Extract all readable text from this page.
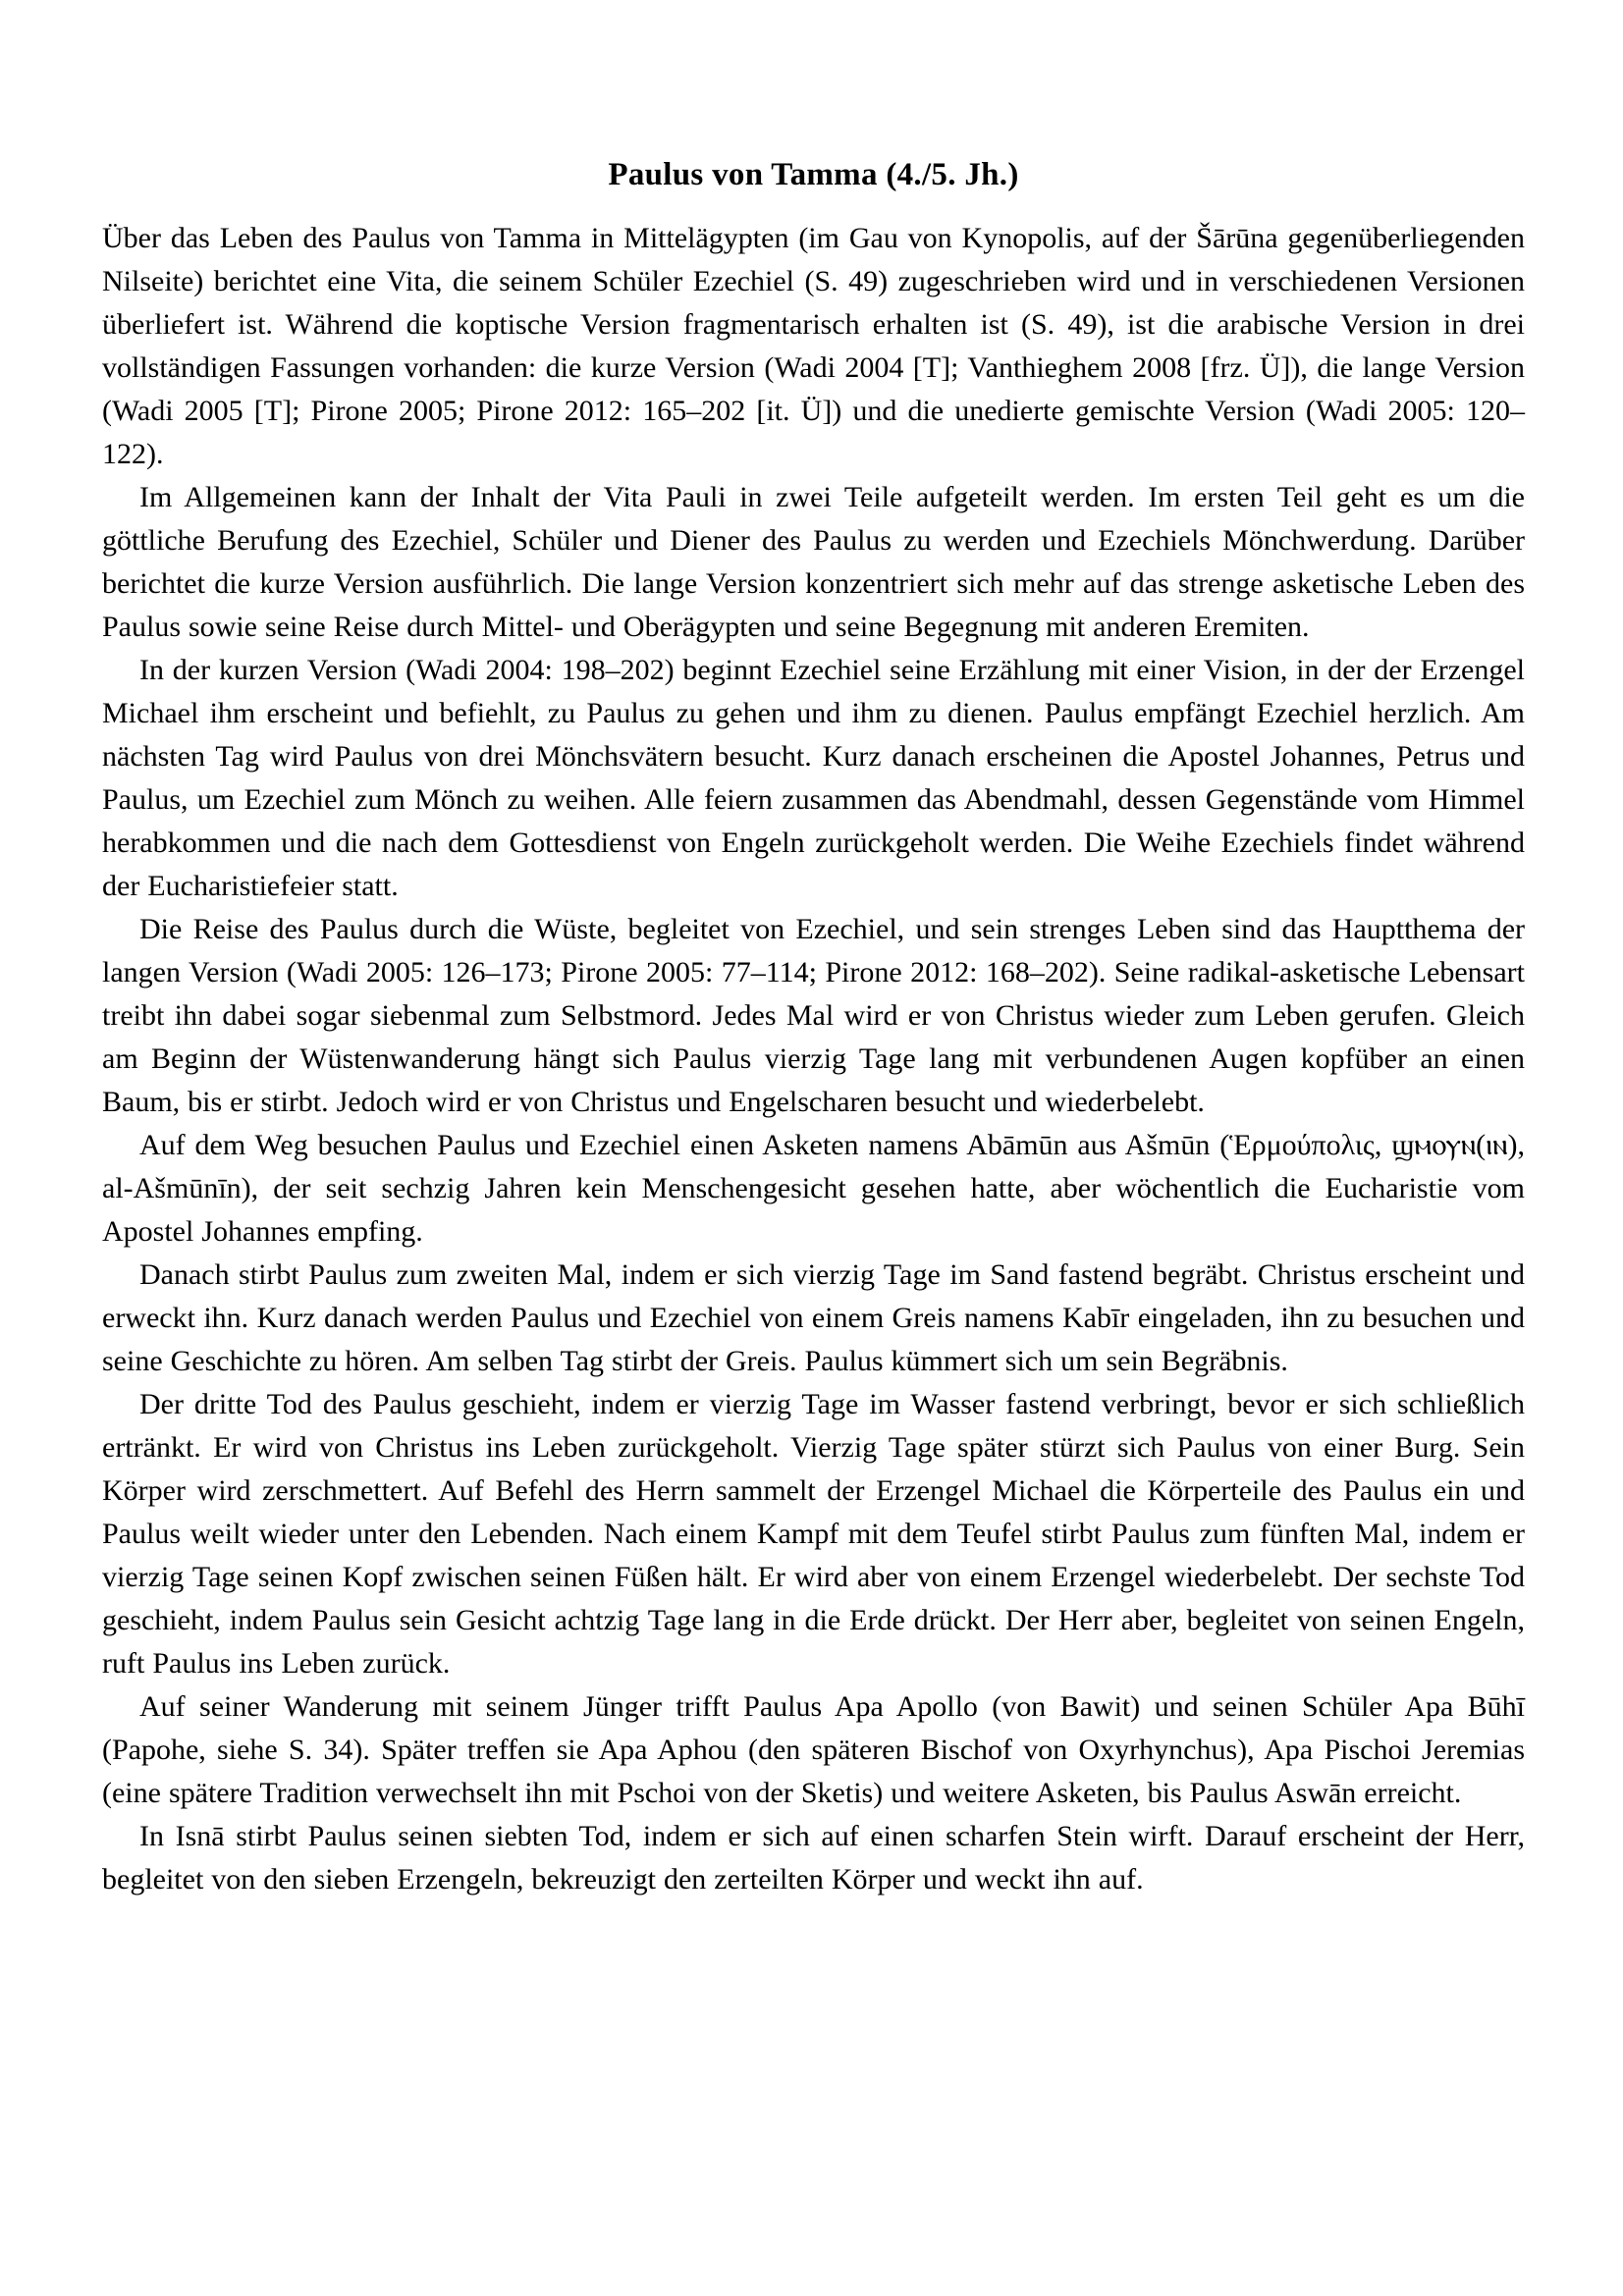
Paulus von Tamma (4./5. Jh.)

Über das Leben des Paulus von Tamma in Mittelägypten (im Gau von Kynopolis, auf der Šārūna gegenüberliegenden Nilseite) berichtet eine Vita, die seinem Schüler Ezechiel (S. 49) zugeschrieben wird und in verschiedenen Versionen überliefert ist. Während die koptische Version fragmentarisch erhalten ist (S. 49), ist die arabische Version in drei vollständigen Fassungen vorhanden: die kurze Version (Wadi 2004 [T]; Vanthieghem 2008 [frz. Ü]), die lange Version (Wadi 2005 [T]; Pirone 2005; Pirone 2012: 165–202 [it. Ü]) und die unedierte gemischte Version (Wadi 2005: 120–122).

Im Allgemeinen kann der Inhalt der Vita Pauli in zwei Teile aufgeteilt werden. Im ersten Teil geht es um die göttliche Berufung des Ezechiel, Schüler und Diener des Paulus zu werden und Ezechiels Mönchwerdung. Darüber berichtet die kurze Version ausführlich. Die lange Version konzentriert sich mehr auf das strenge asketische Leben des Paulus sowie seine Reise durch Mittel- und Oberägypten und seine Begegnung mit anderen Eremiten.

In der kurzen Version (Wadi 2004: 198–202) beginnt Ezechiel seine Erzählung mit einer Vision, in der der Erzengel Michael ihm erscheint und befiehlt, zu Paulus zu gehen und ihm zu dienen. Paulus empfängt Ezechiel herzlich. Am nächsten Tag wird Paulus von drei Mönchsvätern besucht. Kurz danach erscheinen die Apostel Johannes, Petrus und Paulus, um Ezechiel zum Mönch zu weihen. Alle feiern zusammen das Abendmahl, dessen Gegenstände vom Himmel herabkommen und die nach dem Gottesdienst von Engeln zurückgeholt werden. Die Weihe Ezechiels findet während der Eucharistiefeier statt.

Die Reise des Paulus durch die Wüste, begleitet von Ezechiel, und sein strenges Leben sind das Hauptthema der langen Version (Wadi 2005: 126–173; Pirone 2005: 77–114; Pirone 2012: 168–202). Seine radikal-asketische Lebensart treibt ihn dabei sogar siebenmal zum Selbstmord. Jedes Mal wird er von Christus wieder zum Leben gerufen. Gleich am Beginn der Wüstenwanderung hängt sich Paulus vierzig Tage lang mit verbundenen Augen kopfüber an einen Baum, bis er stirbt. Jedoch wird er von Christus und Engelscharen besucht und wiederbelebt.

Auf dem Weg besuchen Paulus und Ezechiel einen Asketen namens Abāmūn aus Ašmūn (Ἑρμούπολις, ϣⲙⲟⲩⲛ(ⲓⲛ), al-Ašmūnīn), der seit sechzig Jahren kein Menschengesicht gesehen hatte, aber wöchentlich die Eucharistie vom Apostel Johannes empfing.

Danach stirbt Paulus zum zweiten Mal, indem er sich vierzig Tage im Sand fastend begräbt. Christus erscheint und erweckt ihn. Kurz danach werden Paulus und Ezechiel von einem Greis namens Kabīr eingeladen, ihn zu besuchen und seine Geschichte zu hören. Am selben Tag stirbt der Greis. Paulus kümmert sich um sein Begräbnis.

Der dritte Tod des Paulus geschieht, indem er vierzig Tage im Wasser fastend verbringt, bevor er sich schließlich ertränkt. Er wird von Christus ins Leben zurückgeholt. Vierzig Tage später stürzt sich Paulus von einer Burg. Sein Körper wird zerschmettert. Auf Befehl des Herrn sammelt der Erzengel Michael die Körperteile des Paulus ein und Paulus weilt wieder unter den Lebenden. Nach einem Kampf mit dem Teufel stirbt Paulus zum fünften Mal, indem er vierzig Tage seinen Kopf zwischen seinen Füßen hält. Er wird aber von einem Erzengel wiederbelebt. Der sechste Tod geschieht, indem Paulus sein Gesicht achtzig Tage lang in die Erde drückt. Der Herr aber, begleitet von seinen Engeln, ruft Paulus ins Leben zurück.

Auf seiner Wanderung mit seinem Jünger trifft Paulus Apa Apollo (von Bawit) und seinen Schüler Apa Būhī (Papohe, siehe S. 34). Später treffen sie Apa Aphou (den späteren Bischof von Oxyrhynchus), Apa Pischoi Jeremias (eine spätere Tradition verwechselt ihn mit Pschoi von der Sketis) und weitere Asketen, bis Paulus Aswān erreicht.

In Isnā stirbt Paulus seinen siebten Tod, indem er sich auf einen scharfen Stein wirft. Darauf erscheint der Herr, begleitet von den sieben Erzengeln, bekreuzigt den zerteilten Körper und weckt ihn auf.
